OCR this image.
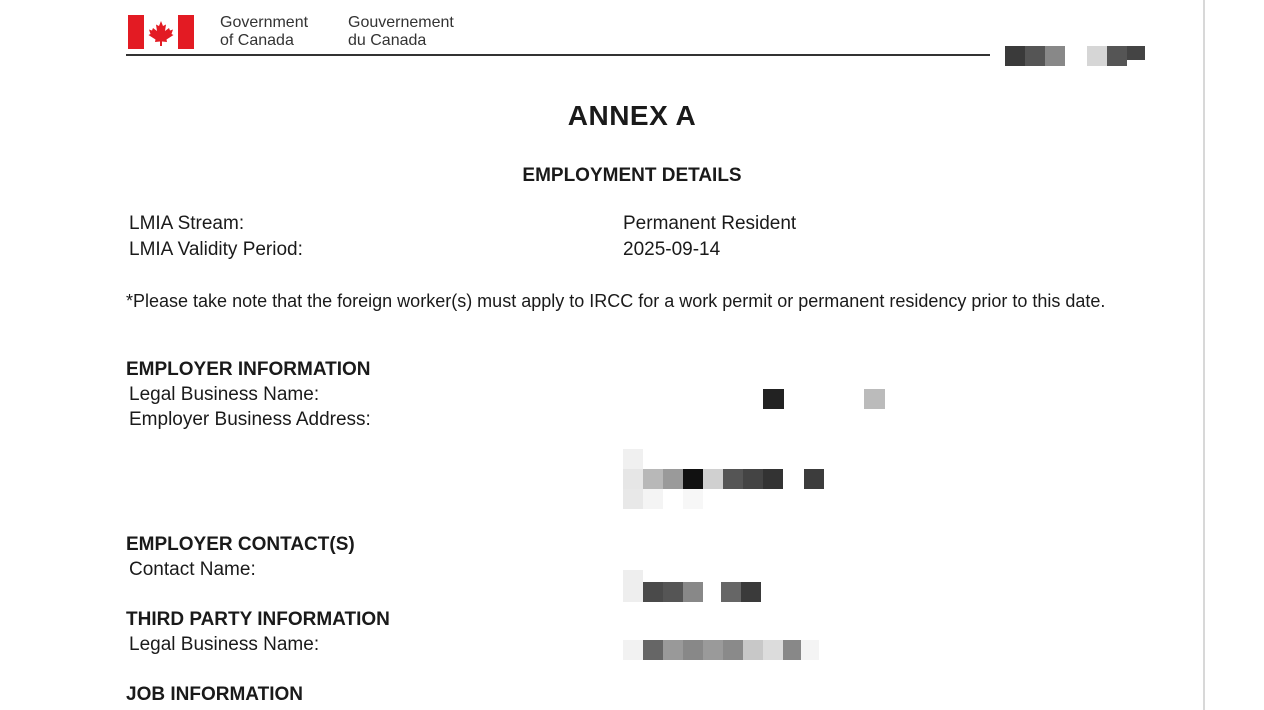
Government
of Canada
Gouvernement
du Canada
ANNEX A
EMPLOYMENT DETAILS
LMIA Stream:	Permanent Resident
LMIA Validity Period:	2025-09-14
*Please take note that the foreign worker(s) must apply to IRCC for a work permit or permanent residency prior to this date.
EMPLOYER INFORMATION
Legal Business Name:
Employer Business Address:
EMPLOYER CONTACT(S)
Contact Name:
THIRD PARTY INFORMATION
Legal Business Name:
JOB INFORMATION
